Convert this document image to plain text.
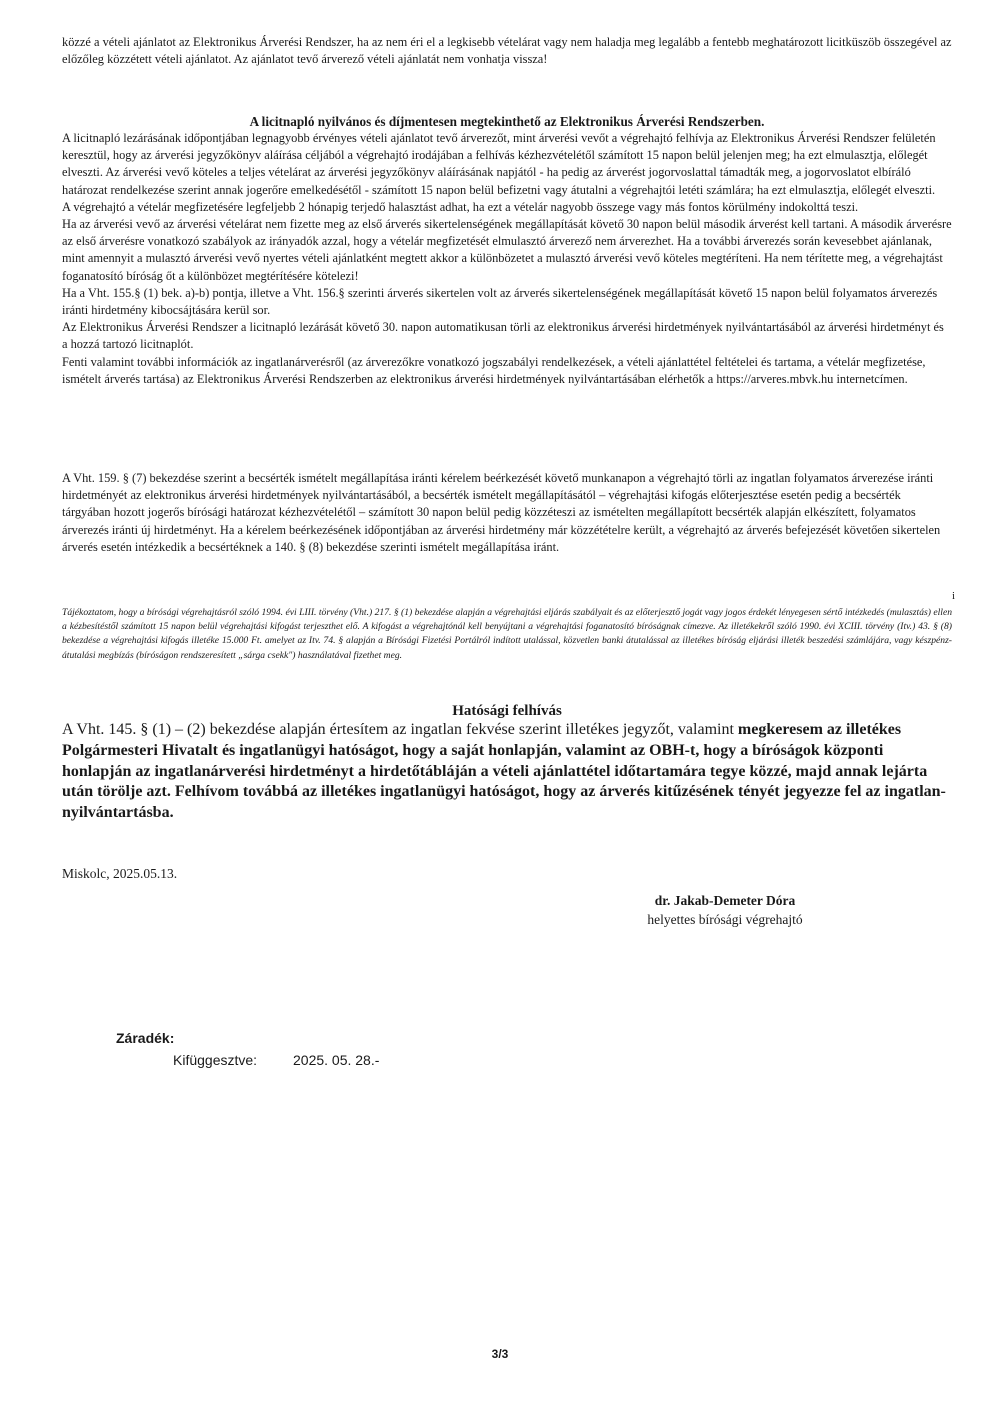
közzé a vételi ajánlatot az Elektronikus Árverési Rendszer, ha az nem éri el a legkisebb vételárat vagy nem haladja meg legalább a fentebb meghatározott licitküszöb összegével az előzőleg közzétett vételi ajánlatot. Az ajánlatot tevő árverező vételi ajánlatát nem vonhatja vissza!
A licitnapló nyilvános és díjmentesen megtekinthető az Elektronikus Árverési Rendszerben.

A licitnapló lezárásának időpontjában legnagyobb érvényes vételi ajánlatot tevő árverezőt, mint árverési vevőt a végrehajtó felhívja az Elektronikus Árverési Rendszer felületén keresztül, hogy az árverési jegyzőkönyv aláírása céljából a végrehajtó irodájában a felhívás kézhezvételétől számított 15 napon belül jelenjen meg; ha ezt elmulasztja, előlegét elveszti. Az árverési vevő köteles a teljes vételárat az árverési jegyzőkönyv aláírásának napjától - ha pedig az árverést jogorvoslattal támadták meg, a jogorvoslatot elbíráló határozat rendelkezése szerint annak jogerőre emelkedésétől - számított 15 napon belül befizetni vagy átutalni a végrehajtói letéti számlára; ha ezt elmulasztja, előlegét elveszti.

A végrehajtó a vételár megfizetésére legfeljebb 2 hónapig terjedő halasztást adhat, ha ezt a vételár nagyobb összege vagy más fontos körülmény indokolttá teszi.

Ha az árverési vevő az árverési vételárat nem fizette meg az első árverés sikertelenségének megállapítását követő 30 napon belül második árverést kell tartani. A második árverésre az első árverésre vonatkozó szabályok az irányadók azzal, hogy a vételár megfizetését elmulasztó árverező nem árverezhet. Ha a további árverezés során kevesebbet ajánlanak, mint amennyit a mulasztó árverési vevő nyertes vételi ajánlatként megtett akkor a különbözetet a mulasztó árverési vevő köteles megtéríteni. Ha nem térítette meg, a végrehajtást foganatosító bíróság őt a különbözet megtérítésére kötelezi!

Ha a Vht. 155.§ (1) bek. a)-b) pontja, illetve a Vht. 156.§ szerinti árverés sikertelen volt az árverés sikertelenségének megállapítását követő 15 napon belül folyamatos árverezés iránti hirdetmény kibocsájtására kerül sor.

Az Elektronikus Árverési Rendszer a licitnapló lezárását követő 30. napon automatikusan törli az elektronikus árverési hirdetmények nyilvántartásából az árverési hirdetményt és a hozzá tartozó licitnaplót.

Fenti valamint további információk az ingatlanárverésről (az árverezőkre vonatkozó jogszabályi rendelkezések, a vételi ajánlattétel feltételei és tartama, a vételár megfizetése, ismételt árverés tartása) az Elektronikus Árverési Rendszerben az elektronikus árverési hirdetmények nyilvántartásában elérhetők a https://arveres.mbvk.hu internetcímen.

A Vht. 159. § (7) bekezdése szerint a becsérték ismételt megállapítása iránti kérelem beérkezését követő munkanapon a végrehajtó törli az ingatlan folyamatos árverezése iránti hirdetményét az elektronikus árverési hirdetmények nyilvántartásából, a becsérték ismételt megállapításától – végrehajtási kifogás előterjesztése esetén pedig a becsérték tárgyában hozott jogerős bírósági határozat kézhezvételétől – számított 30 napon belül pedig közzéteszi az ismételten megállapított becsérték alapján elkészített, folyamatos árverezés iránti új hirdetményt. Ha a kérelem beérkezésének időpontjában az árverési hirdetmény már közzétételre került, a végrehajtó az árverés befejezését követően sikertelen árverés esetén intézkedik a becsértéknek a 140. § (8) bekezdése szerinti ismételt megállapítása iránt.

i
Tájékoztatom, hogy a bírósági végrehajtásról szóló 1994. évi LIII. törvény (Vht.) 217. § (1) bekezdése alapján a végrehajtási eljárás szabályait és az előterjesztő jogát vagy jogos érdekét lényegesen sértő intézkedés (mulasztás) ellen a kézbesítéstől számított 15 napon belül végrehajtási kifogást terjeszthet elő. A kifogást a végrehajtónál kell benyújtani a végrehajtási foganatosító bíróságnak címezve. Az illetékekről szóló 1990. évi XCIII. törvény (Itv.) 43. § (8) bekezdése a végrehajtási kifogás illetéke 15.000 Ft. amelyet az Itv. 74. § alapján a Bírósági Fizetési Portálról indított utalással, közvetlen banki átutalással az illetékes bíróság eljárási illeték beszedési számlájára, vagy készpénz-átutalási megbízás (bíróságon rendszeresített „sárga csekk") használatával fizethet meg.
Hatósági felhívás
A Vht. 145. § (1) – (2) bekezdése alapján értesítem az ingatlan fekvése szerint illetékes jegyzőt, valamint megkeresem az illetékes Polgármesteri Hivatalt és ingatlanügyi hatóságot, hogy a saját honlapján, valamint az OBH-t, hogy a bíróságok központi honlapján az ingatlanárverési hirdetményt a hirdetőtábláján a vételi ajánlattétel időtartamára tegye közzé, majd annak lejárta után törölje azt. Felhívom továbbá az illetékes ingatlanügyi hatóságot, hogy az árverés kitűzésének tényét jegyezze fel az ingatlan-nyilvántartásba.
Miskolc, 2025.05.13.
dr. Jakab-Demeter Dóra
helyettes bírósági végrehajtó
Záradék:
Kifüggesztve:	2025. 05. 28.-
3/3
